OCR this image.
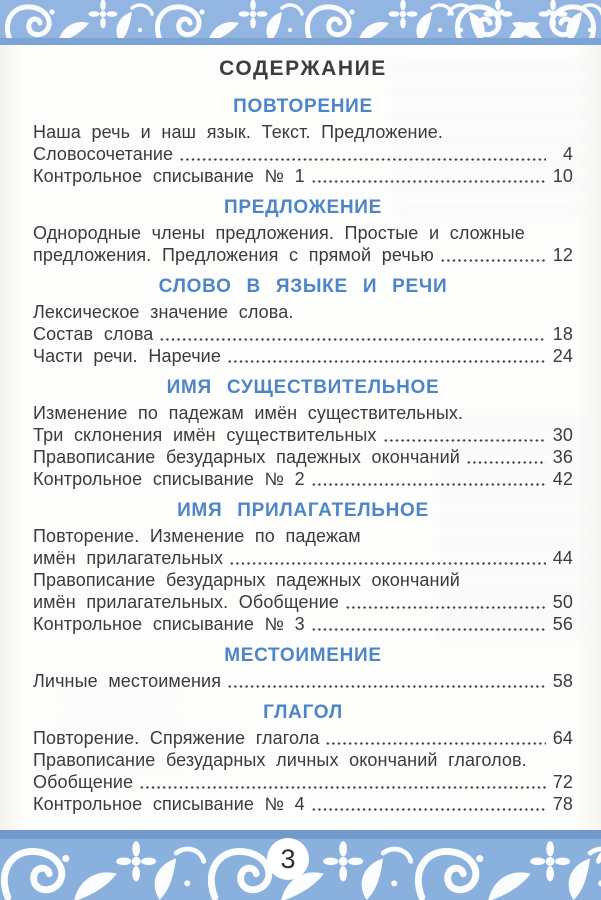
СОДЕРЖАНИЕ
ПОВТОРЕНИЕ
Наша речь и наш язык. Текст. Предложение.
Словосочетание	4
Контрольное списывание № 1	10
ПРЕДЛОЖЕНИЕ
Однородные члены предложения. Простые и сложные
предложения. Предложения с прямой речью	12
СЛОВО В ЯЗЫКЕ И РЕЧИ
Лексическое значение слова.
Состав слова	18
Части речи. Наречие	24
ИМЯ СУЩЕСТВИТЕЛЬНОЕ
Изменение по падежам имён существительных.
Три склонения имён существительных	30
Правописание безударных падежных окончаний	36
Контрольное списывание № 2	42
ИМЯ ПРИЛАГАТЕЛЬНОЕ
Повторение. Изменение по падежам
имён прилагательных	44
Правописание безударных падежных окончаний
имён прилагательных. Обобщение	50
Контрольное списывание № 3	56
МЕСТОИМЕНИЕ
Личные местоимения	58
ГЛАГОЛ
Повторение. Спряжение глагола	64
Правописание безударных личных окончаний глаголов.
Обобщение	72
Контрольное списывание № 4	78
3
